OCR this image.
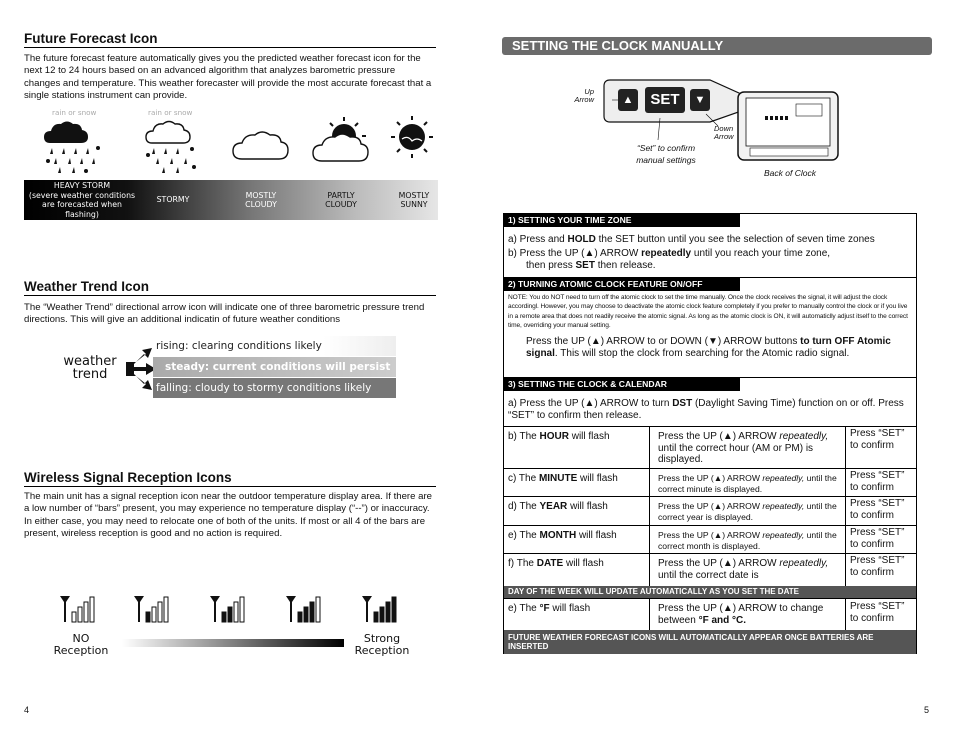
Future Forecast Icon
The future forecast feature automatically gives you the predicted weather forecast icon for the next 12 to 24 hours based on an advanced algorithm that analyzes barometric pressure changes and temperature. This weather forecaster will provide the most accurate forecast that a single stations instrument can provide.
rain or snow	rain or snow
HEAVY STORM
(severe weather conditions
are forecasted when flashing)
STORMY
MOSTLY
CLOUDY
PARTLY
CLOUDY
MOSTLY
SUNNY
Weather Trend Icon
The “Weather Trend” directional arrow icon will indicate one of three barometric pressure trend directions. This will give an additional indicatin of future weather conditions
weather
trend
rising: clearing conditions likely
steady: current conditions will persist
falling: cloudy to stormy conditions likely
Wireless Signal Reception Icons
The main unit has a signal reception icon near the outdoor temperature display area. If there are a low number of “bars” present, you may experience no temperature display (“--”) or inaccuracy. In either case, you may need to relocate one of both of the units. If most or all 4 of the bars are present, wireless reception is good and no action is required.
NO
Reception
Strong
Reception
4
SETTING THE CLOCK MANUALLY
▲	SET	▼
Up
Arrow
Down
Arrow
“Set” to confirm
manual settings
Back of Clock
1) SETTING YOUR TIME ZONE
a) Press and HOLD the SET button until you see the selection of seven time zones
b) Press the UP (▲) ARROW repeatedly until you reach your time zone,
then press SET then release.
2) TURNING ATOMIC CLOCK FEATURE ON/OFF
NOTE: You do NOT need to turn off the atomic clock to set the time manually. Once the clock receives the signal, it will adjust the clock accordingl. However, you may choose to deactivate the atomic clock feature completely if you prefer to manually control the clock or if you live in a remote area that does not readily receive the atomic signal. As long as the atomic clock is ON, it will automaticlly adjust itself to the correct time, overriding your manual setting.
Press the UP (▲) ARROW to or DOWN (▼) ARROW buttons to turn OFF Atomic signal. This will stop the clock from searching for the Atomic radio signal.
3) SETTING THE CLOCK & CALENDAR
a) Press the UP (▲) ARROW to turn DST (Daylight Saving Time) function on or off. Press “SET” to confirm then release.
b) The HOUR will flash	Press the UP (▲) ARROW repeatedly, until the correct hour (AM or PM) is displayed.
Press “SET” to confirm
c) The MINUTE will flash	Press the UP (▲) ARROW repeatedly, until the correct minute is displayed.
Press “SET” to confirm
d) The YEAR will flash	Press the UP (▲) ARROW repeatedly, until the correct year is displayed.
Press “SET” to confirm
e) The MONTH will flash	Press the UP (▲) ARROW repeatedly, until the correct month is displayed.
Press “SET” to confirm
f) The DATE will flash	Press the UP (▲) ARROW repeatedly, until the correct date is
Press “SET” to confirm
DAY OF THE WEEK WILL UPDATE AUTOMATICALLY AS YOU SET THE DATE
e) The °F will flash	Press the UP (▲) ARROW to change between °F and °C.
Press “SET” to confirm
FUTURE WEATHER FORECAST ICONS WILL AUTOMATICALLY APPEAR ONCE BATTERIES ARE INSERTED
5
